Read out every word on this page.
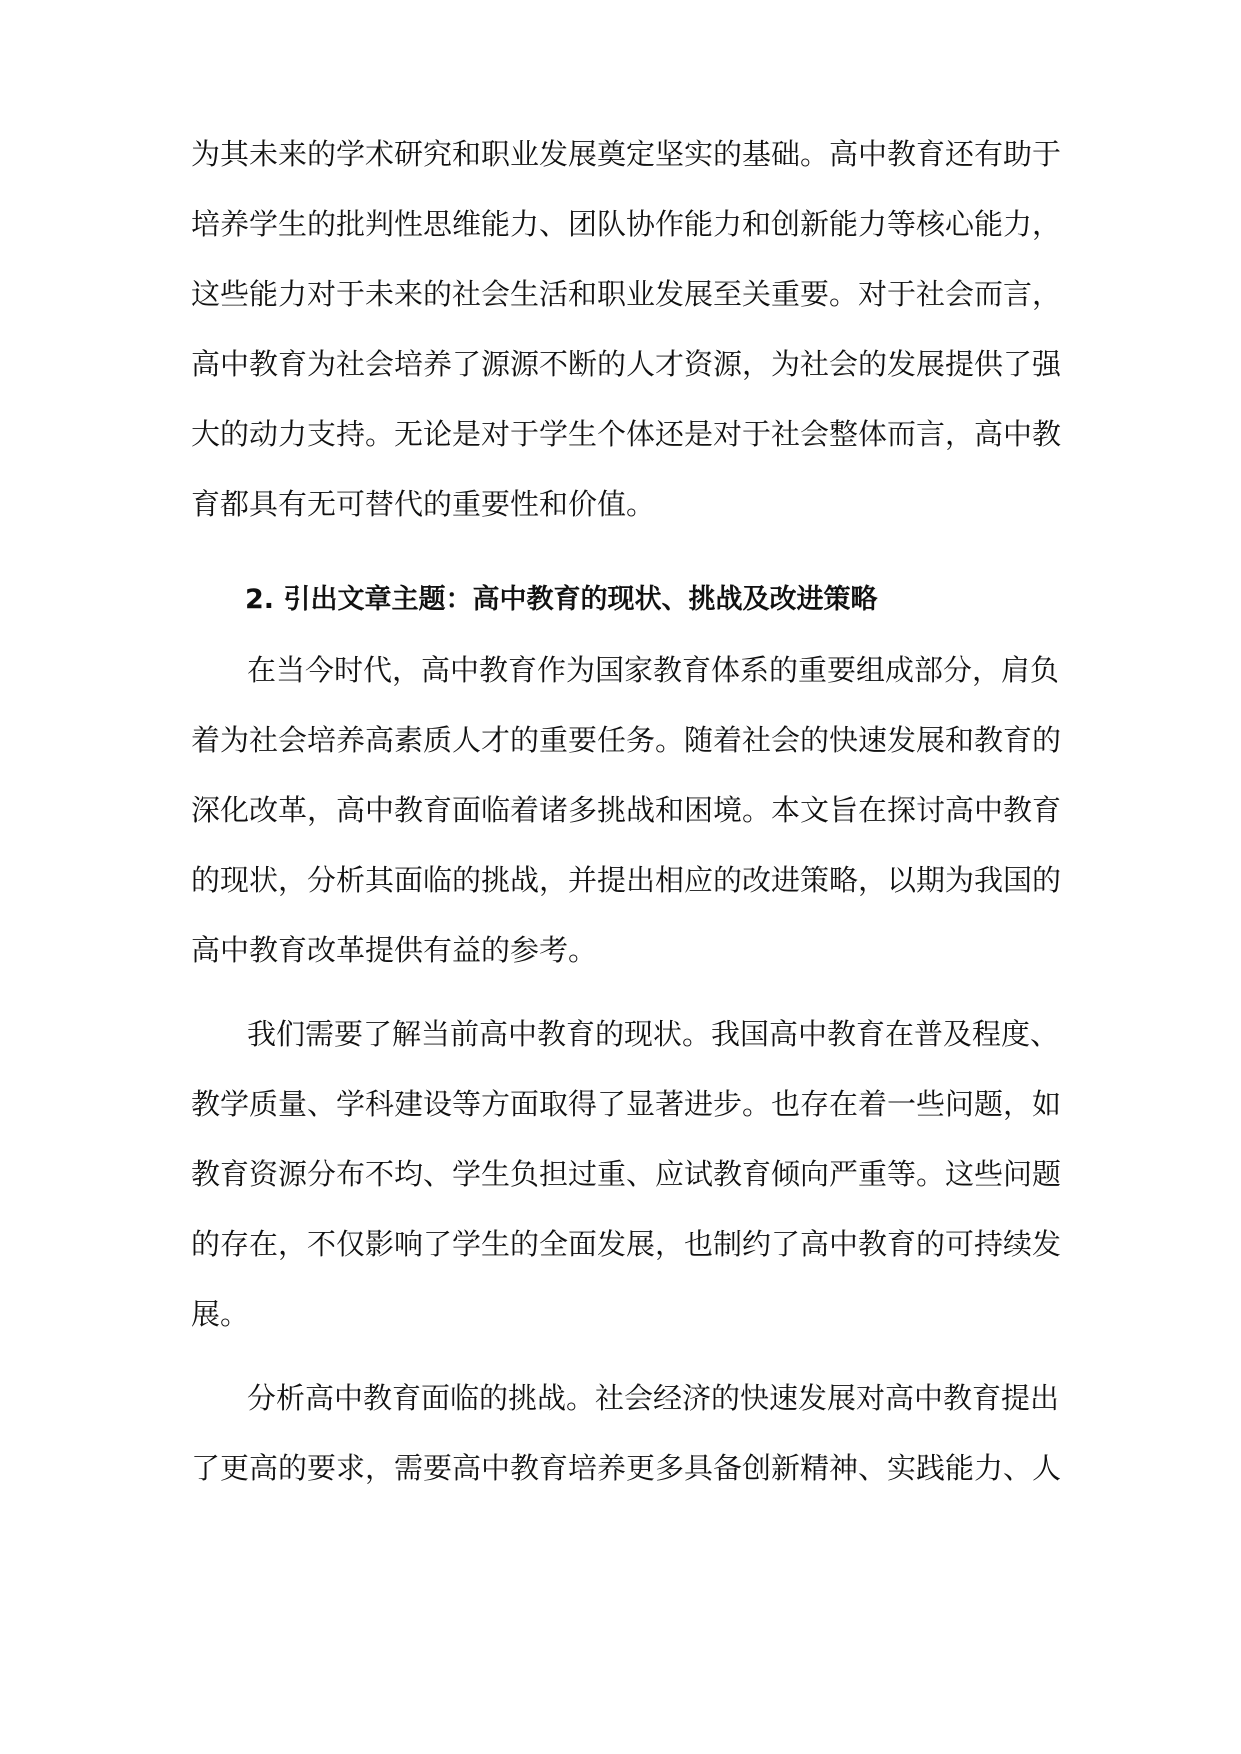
为其未来的学术研究和职业发展奠定坚实的基础。高中教育还有助于
培养学生的批判性思维能力、团队协作能力和创新能力等核心能力，
这些能力对于未来的社会生活和职业发展至关重要。对于社会而言，
高中教育为社会培养了源源不断的人才资源，为社会的发展提供了强
大的动力支持。无论是对于学生个体还是对于社会整体而言，高中教
育都具有无可替代的重要性和价值。
2. 引出文章主题：高中教育的现状、挑战及改进策略
在当今时代，高中教育作为国家教育体系的重要组成部分，肩负
着为社会培养高素质人才的重要任务。随着社会的快速发展和教育的
深化改革，高中教育面临着诸多挑战和困境。本文旨在探讨高中教育
的现状，分析其面临的挑战，并提出相应的改进策略，以期为我国的
高中教育改革提供有益的参考。
我们需要了解当前高中教育的现状。我国高中教育在普及程度、
教学质量、学科建设等方面取得了显著进步。也存在着一些问题，如
教育资源分布不均、学生负担过重、应试教育倾向严重等。这些问题
的存在，不仅影响了学生的全面发展，也制约了高中教育的可持续发
展。
分析高中教育面临的挑战。社会经济的快速发展对高中教育提出
了更高的要求，需要高中教育培养更多具备创新精神、实践能力、人
